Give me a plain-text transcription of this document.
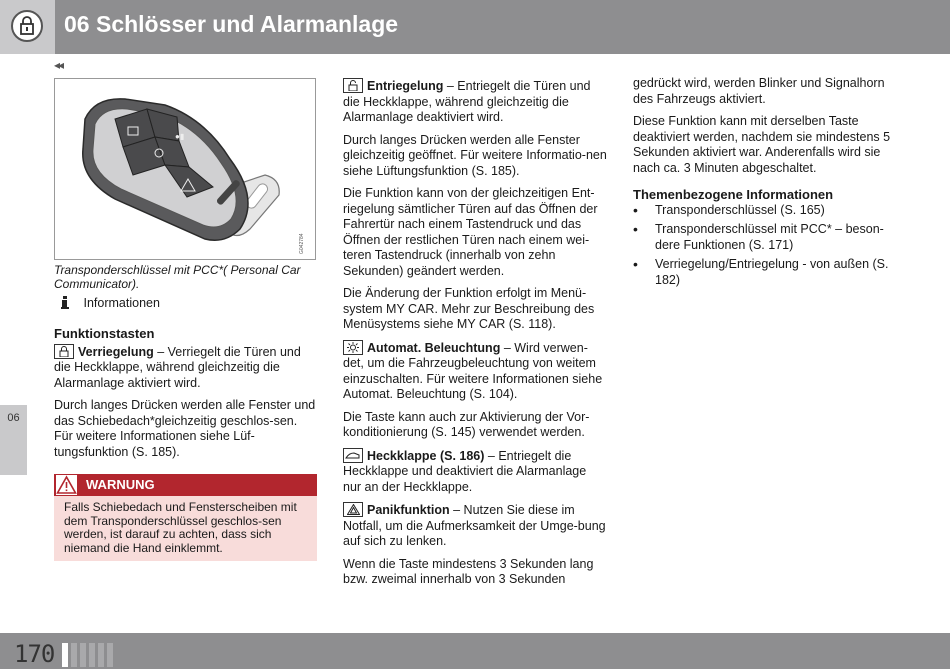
06 Schlösser und Alarmanlage
◂◂
06
●▮
G042784
Transponderschlüssel mit PCC*( Personal Car Communicator).
Informationen

Funktionstasten

Verriegelung – Verriegelt die Türen und die Heckklappe, während gleichzeitig die Alarmanlage aktiviert wird.

Durch langes Drücken werden alle Fenster und das Schiebedach*gleichzeitig geschlos-sen. Für weitere Informationen siehe Lüf-tungsfunktion (S. 185).

WARNUNG
Falls Schiebedach und Fensterscheiben mit dem Transponderschlüssel geschlos-sen werden, ist darauf zu achten, dass sich niemand die Hand einklemmt.

Entriegelung – Entriegelt die Türen und die Heckklappe, während gleichzeitig die Alarmanlage deaktiviert wird.

Durch langes Drücken werden alle Fenster gleichzeitig geöffnet. Für weitere Informatio-nen siehe Lüftungsfunktion (S. 185).

Die Funktion kann von der gleichzeitigen Ent-riegelung sämtlicher Türen auf das Öffnen der Fahrertür nach einem Tastendruck und das Öffnen der restlichen Türen nach einem wei-teren Tastendruck (innerhalb von zehn Sekunden) geändert werden.

Die Änderung der Funktion erfolgt im Menü-system MY CAR. Mehr zur Beschreibung des Menüsystems siehe MY CAR (S. 118).

Automat. Beleuchtung – Wird verwen-det, um die Fahrzeugbeleuchtung von weitem einzuschalten. Für weitere Informationen siehe Automat. Beleuchtung (S. 104).

Die Taste kann auch zur Aktivierung der Vor-konditionierung (S. 145) verwendet werden.

Heckklappe (S. 186) – Entriegelt die Heckklappe und deaktiviert die Alarmanlage nur an der Heckklappe.

Panikfunktion – Nutzen Sie diese im Notfall, um die Aufmerksamkeit der Umge-bung auf sich zu lenken.

Wenn die Taste mindestens 3 Sekunden lang bzw. zweimal innerhalb von 3 Sekunden

gedrückt wird, werden Blinker und Signalhorn des Fahrzeugs aktiviert.

Diese Funktion kann mit derselben Taste deaktiviert werden, nachdem sie mindestens 5 Sekunden aktiviert war. Anderenfalls wird sie nach ca. 3 Minuten abgeschaltet.

Themenbezogene Informationen

• Transponderschlüssel (S. 165)
• Transponderschlüssel mit PCC* – beson-dere Funktionen (S. 171)
• Verriegelung/Entriegelung - von außen (S. 182)
170
